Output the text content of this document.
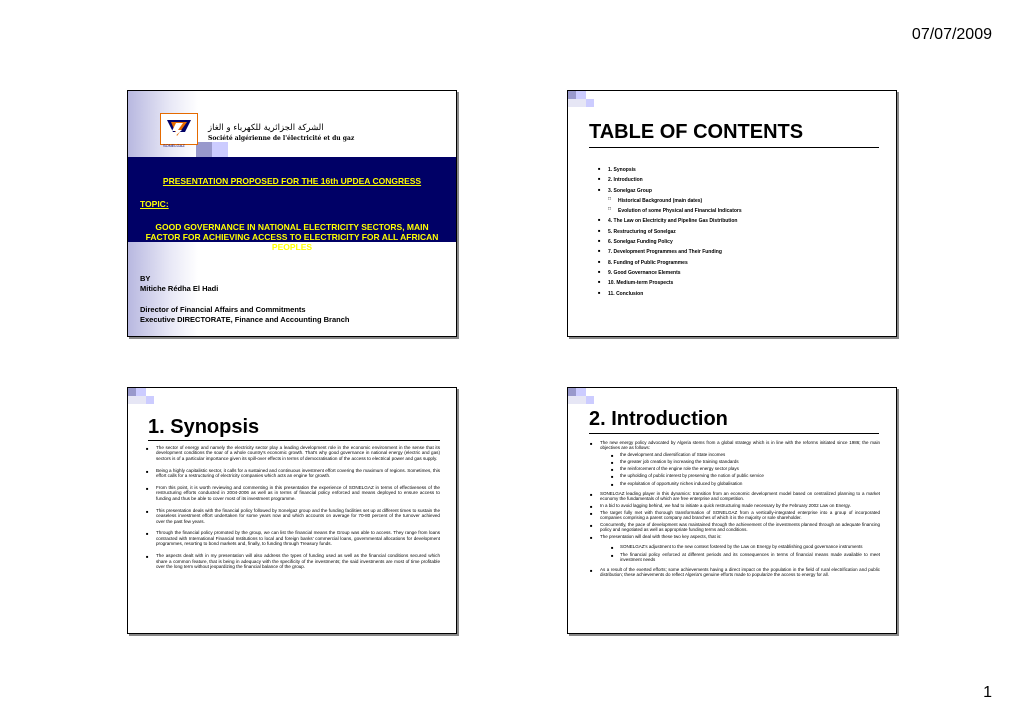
07/07/2009
SONELGAZ
الشركة الجزائرية للكهرباء و الغاز
Société algérienne de l'électricité et du gaz
PRESENTATION PROPOSED FOR THE 16th UPDEA CONGRESS
TOPIC:
GOOD GOVERNANCE IN NATIONAL ELECTRICITY SECTORS, MAIN FACTOR FOR ACHIEVING ACCESS TO ELECTRICITY FOR ALL AFRICAN PEOPLES
BY
Mitiche Rédha El Hadi
Director of Financial Affairs and Commitments
Executive DIRECTORATE, Finance and Accounting Branch
TABLE OF CONTENTS
■ 1. Synopsis
■ 2. Introduction
■ 3. Sonelgaz Group
□ Historical Background (main dates)
□ Evolution of some Physical and Financial Indicators
■ 4. The Law on Electricity and Pipeline Gas Distribution
■ 5. Restructuring of Sonelgaz
■ 6. Sonelgaz Funding Policy
■ 7. Development Programmes and Their Funding
■ 8. Funding of Public Programmes
■ 9. Good Governance Elements
■ 10. Medium-term Prospects
■ 11. Conclusion
1. Synopsis
■ The sector of energy and namely the electricity sector play a leading development role in the economic environment in the sense that its development conditions the soar of a whole country's economic growth. That's why good governance in national energy (electric and gas) sectors is of a particular importance given its spill-over effects in terms of democratisation of the access to electrical power and gas supply.
■ Being a highly capitalistic sector, it calls for a sustained and continuous investment effort covering the maximum of regions. Sometimes, this effort calls for a restructuring of electricity companies which acts an engine for growth.
■ From this point, it is worth reviewing and commenting in this presentation the experience of SONELGAZ in terms of effectiveness of the restructuring efforts conducted in 2004-2006 as well as in terms of financial policy enforced and means deployed to ensure access to funding and thus be able to cover most of its investment programme.
■ This presentation deals with the financial policy followed by Sonelgaz group and the funding facilities set up at different times to sustain the ceaseless investment effort undertaken for some years now and which accounts on average for 70-80 percent of the turnover achieved over the past few years.
■ Through the financial policy promoted by the group, we can list the financial means the Group was able to access. They range from loans contracted with International Financial Institutions to local and foreign banks' commercial loans, governmental allocations for development programmes, resorting to bond markets and, finally, to funding through Treasury funds.
■ The aspects dealt with in my presentation will also address the types of funding used as well as the financial conditions secured which share a common feature, that is being in adequacy with the specificity of the investments; the said investments are most of time profitable over the long term without jeopardizing the financial balance of the group.
2. Introduction
■ The new energy policy advocated by Algeria stems from a global strategy which is in line with the reforms initiated since 1986; the main objectives are as follows:
■ the development and diversification of State incomes
■ the greater job creation by increasing the training standards
■ the reinforcement of the engine role the energy sector plays
■ the upholding of public interest by preserving the notion of public service
■ the exploitation of opportunity niches induced by globalisation
■ SONELGAZ leading player in this dynamics: transition from an economic development model based on centralized planning to a market economy the fundamentals of which are free enterprise and competition.
■ In a bid to avoid lagging behind, we had to initiate a quick restructuring made necessary by the February 2002 Law on Energy.
■ The target fully met with thorough transformation of SONELGAZ from a vertically-integrated enterprise into a group of incorporated companies comprising a parent company and branches of which it is the majority or sole shareholder.
■ Concurrently, the pace of development was maintained through the achievement of the investments planned through an adequate financing policy and negotiated as well as appropriate funding terms and conditions.
■ The presentation will deal with these two key aspects, that is:
■ SONELGAZ's adjustment to the new context fostered by the Law on Energy by establishing good governance instruments
■ The financial policy enforced at different periods and its consequences in terms of financial means made available to meet investment needs
■ As a result of the exerted efforts; some achievements having a direct impact on the population in the field of rural electrification and public distribution; these achievements do reflect Algeria's genuine efforts made to popularize the access to energy for all.
1
